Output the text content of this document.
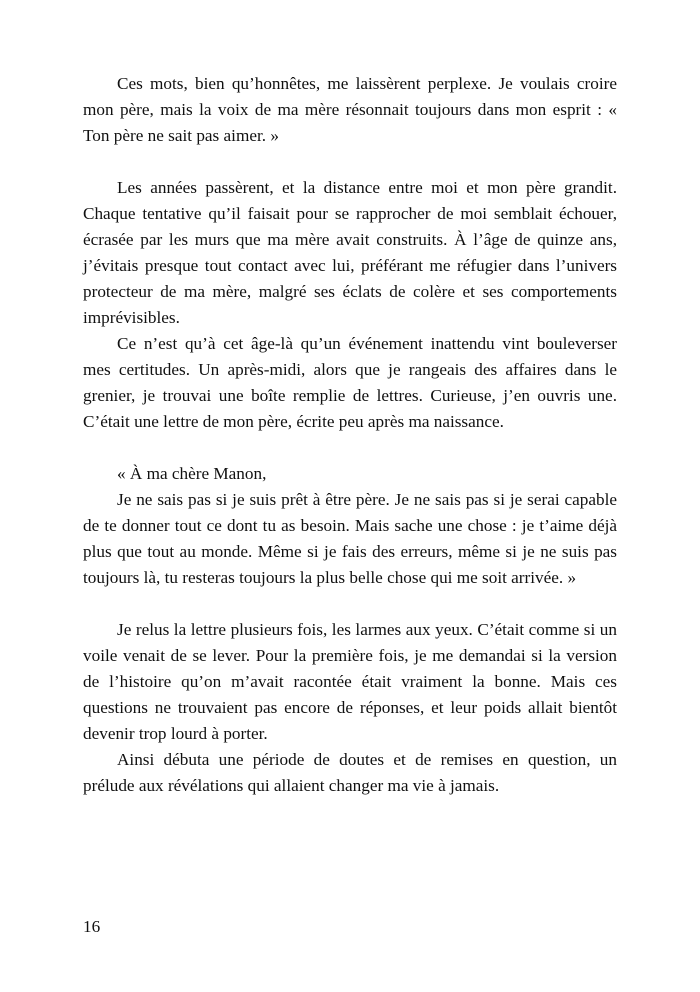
Ces mots, bien qu’honnêtes, me laissèrent perplexe. Je voulais croire mon père, mais la voix de ma mère résonnait toujours dans mon esprit : « Ton père ne sait pas aimer. »

Les années passèrent, et la distance entre moi et mon père grandit. Chaque tentative qu’il faisait pour se rapprocher de moi semblait échouer, écrasée par les murs que ma mère avait construits. À l’âge de quinze ans, j’évitais presque tout contact avec lui, préférant me réfugier dans l’univers protecteur de ma mère, malgré ses éclats de colère et ses comportements imprévisibles.

Ce n’est qu’à cet âge-là qu’un événement inattendu vint bouleverser mes certitudes. Un après-midi, alors que je rangeais des affaires dans le grenier, je trouvai une boîte remplie de lettres. Curieuse, j’en ouvris une. C’était une lettre de mon père, écrite peu après ma naissance.

« À ma chère Manon,

Je ne sais pas si je suis prêt à être père. Je ne sais pas si je serai capable de te donner tout ce dont tu as besoin. Mais sache une chose : je t’aime déjà plus que tout au monde. Même si je fais des erreurs, même si je ne suis pas toujours là, tu resteras toujours la plus belle chose qui me soit arrivée. »

Je relus la lettre plusieurs fois, les larmes aux yeux. C’était comme si un voile venait de se lever. Pour la première fois, je me demandai si la version de l’histoire qu’on m’avait racontée était vraiment la bonne. Mais ces questions ne trouvaient pas encore de réponses, et leur poids allait bientôt devenir trop lourd à porter.

Ainsi débuta une période de doutes et de remises en question, un prélude aux révélations qui allaient changer ma vie à jamais.

16
